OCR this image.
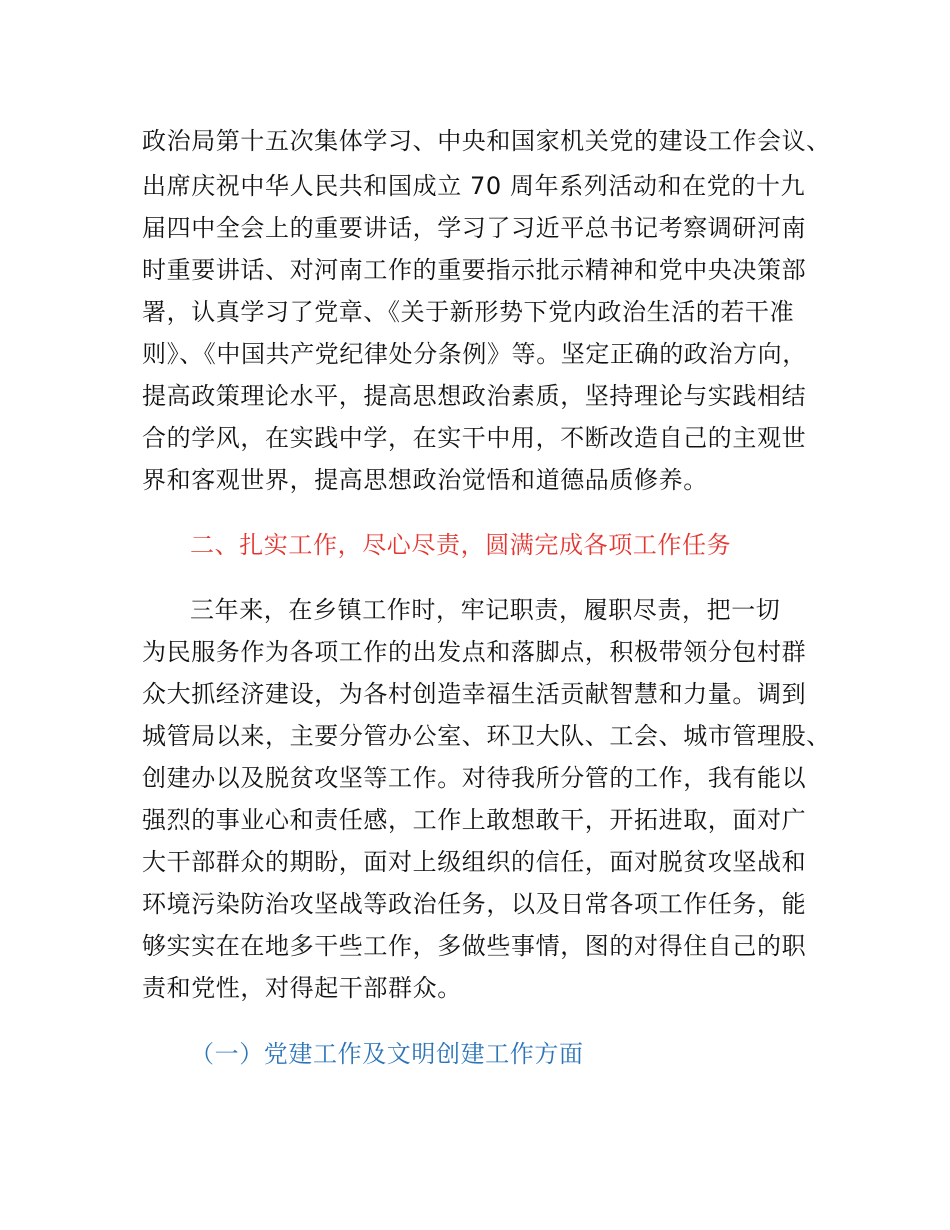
政治局第十五次集体学习、中央和国家机关党的建设工作会议、
出席庆祝中华人民共和国成立 70 周年系列活动和在党的十九
届四中全会上的重要讲话，学习了习近平总书记考察调研河南
时重要讲话、对河南工作的重要指示批示精神和党中央决策部
署，认真学习了党章、《关于新形势下党内政治生活的若干准
则》、《中国共产党纪律处分条例》等。坚定正确的政治方向，
提高政策理论水平，提高思想政治素质，坚持理论与实践相结
合的学风，在实践中学，在实干中用，不断改造自己的主观世
界和客观世界，提高思想政治觉悟和道德品质修养。
二、扎实工作，尽心尽责，圆满完成各项工作任务
三年来，在乡镇工作时，牢记职责，履职尽责，把一切
为民服务作为各项工作的出发点和落脚点，积极带领分包村群
众大抓经济建设，为各村创造幸福生活贡献智慧和力量。调到
城管局以来，主要分管办公室、环卫大队、工会、城市管理股、
创建办以及脱贫攻坚等工作。对待我所分管的工作，我有能以
强烈的事业心和责任感，工作上敢想敢干，开拓进取，面对广
大干部群众的期盼，面对上级组织的信任，面对脱贫攻坚战和
环境污染防治攻坚战等政治任务，以及日常各项工作任务，能
够实实在在地多干些工作，多做些事情，图的对得住自己的职
责和党性，对得起干部群众。
（一）党建工作及文明创建工作方面
